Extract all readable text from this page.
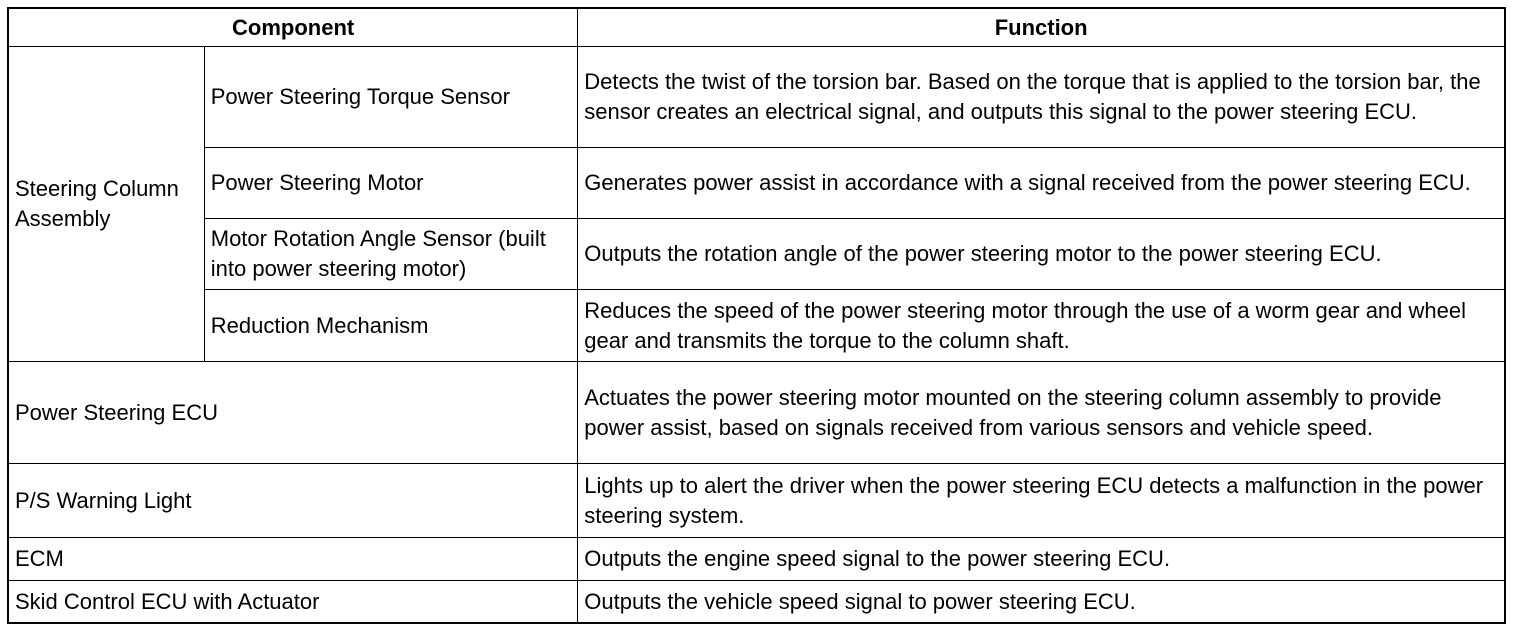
Component		Function
Steering Column Assembly	Power Steering Torque Sensor	Detects the twist of the torsion bar. Based on the torque that is applied to the torsion bar, the sensor creates an electrical signal, and outputs this signal to the power steering ECU.
	Power Steering Motor	Generates power assist in accordance with a signal received from the power steering ECU.
	Motor Rotation Angle Sensor (built into power steering motor)	Outputs the rotation angle of the power steering motor to the power steering ECU.
	Reduction Mechanism	Reduces the speed of the power steering motor through the use of a worm gear and wheel gear and transmits the torque to the column shaft.
Power Steering ECU		Actuates the power steering motor mounted on the steering column assembly to provide power assist, based on signals received from various sensors and vehicle speed.
P/S Warning Light		Lights up to alert the driver when the power steering ECU detects a malfunction in the power steering system.
ECM		Outputs the engine speed signal to the power steering ECU.
Skid Control ECU with Actuator		Outputs the vehicle speed signal to power steering ECU.
